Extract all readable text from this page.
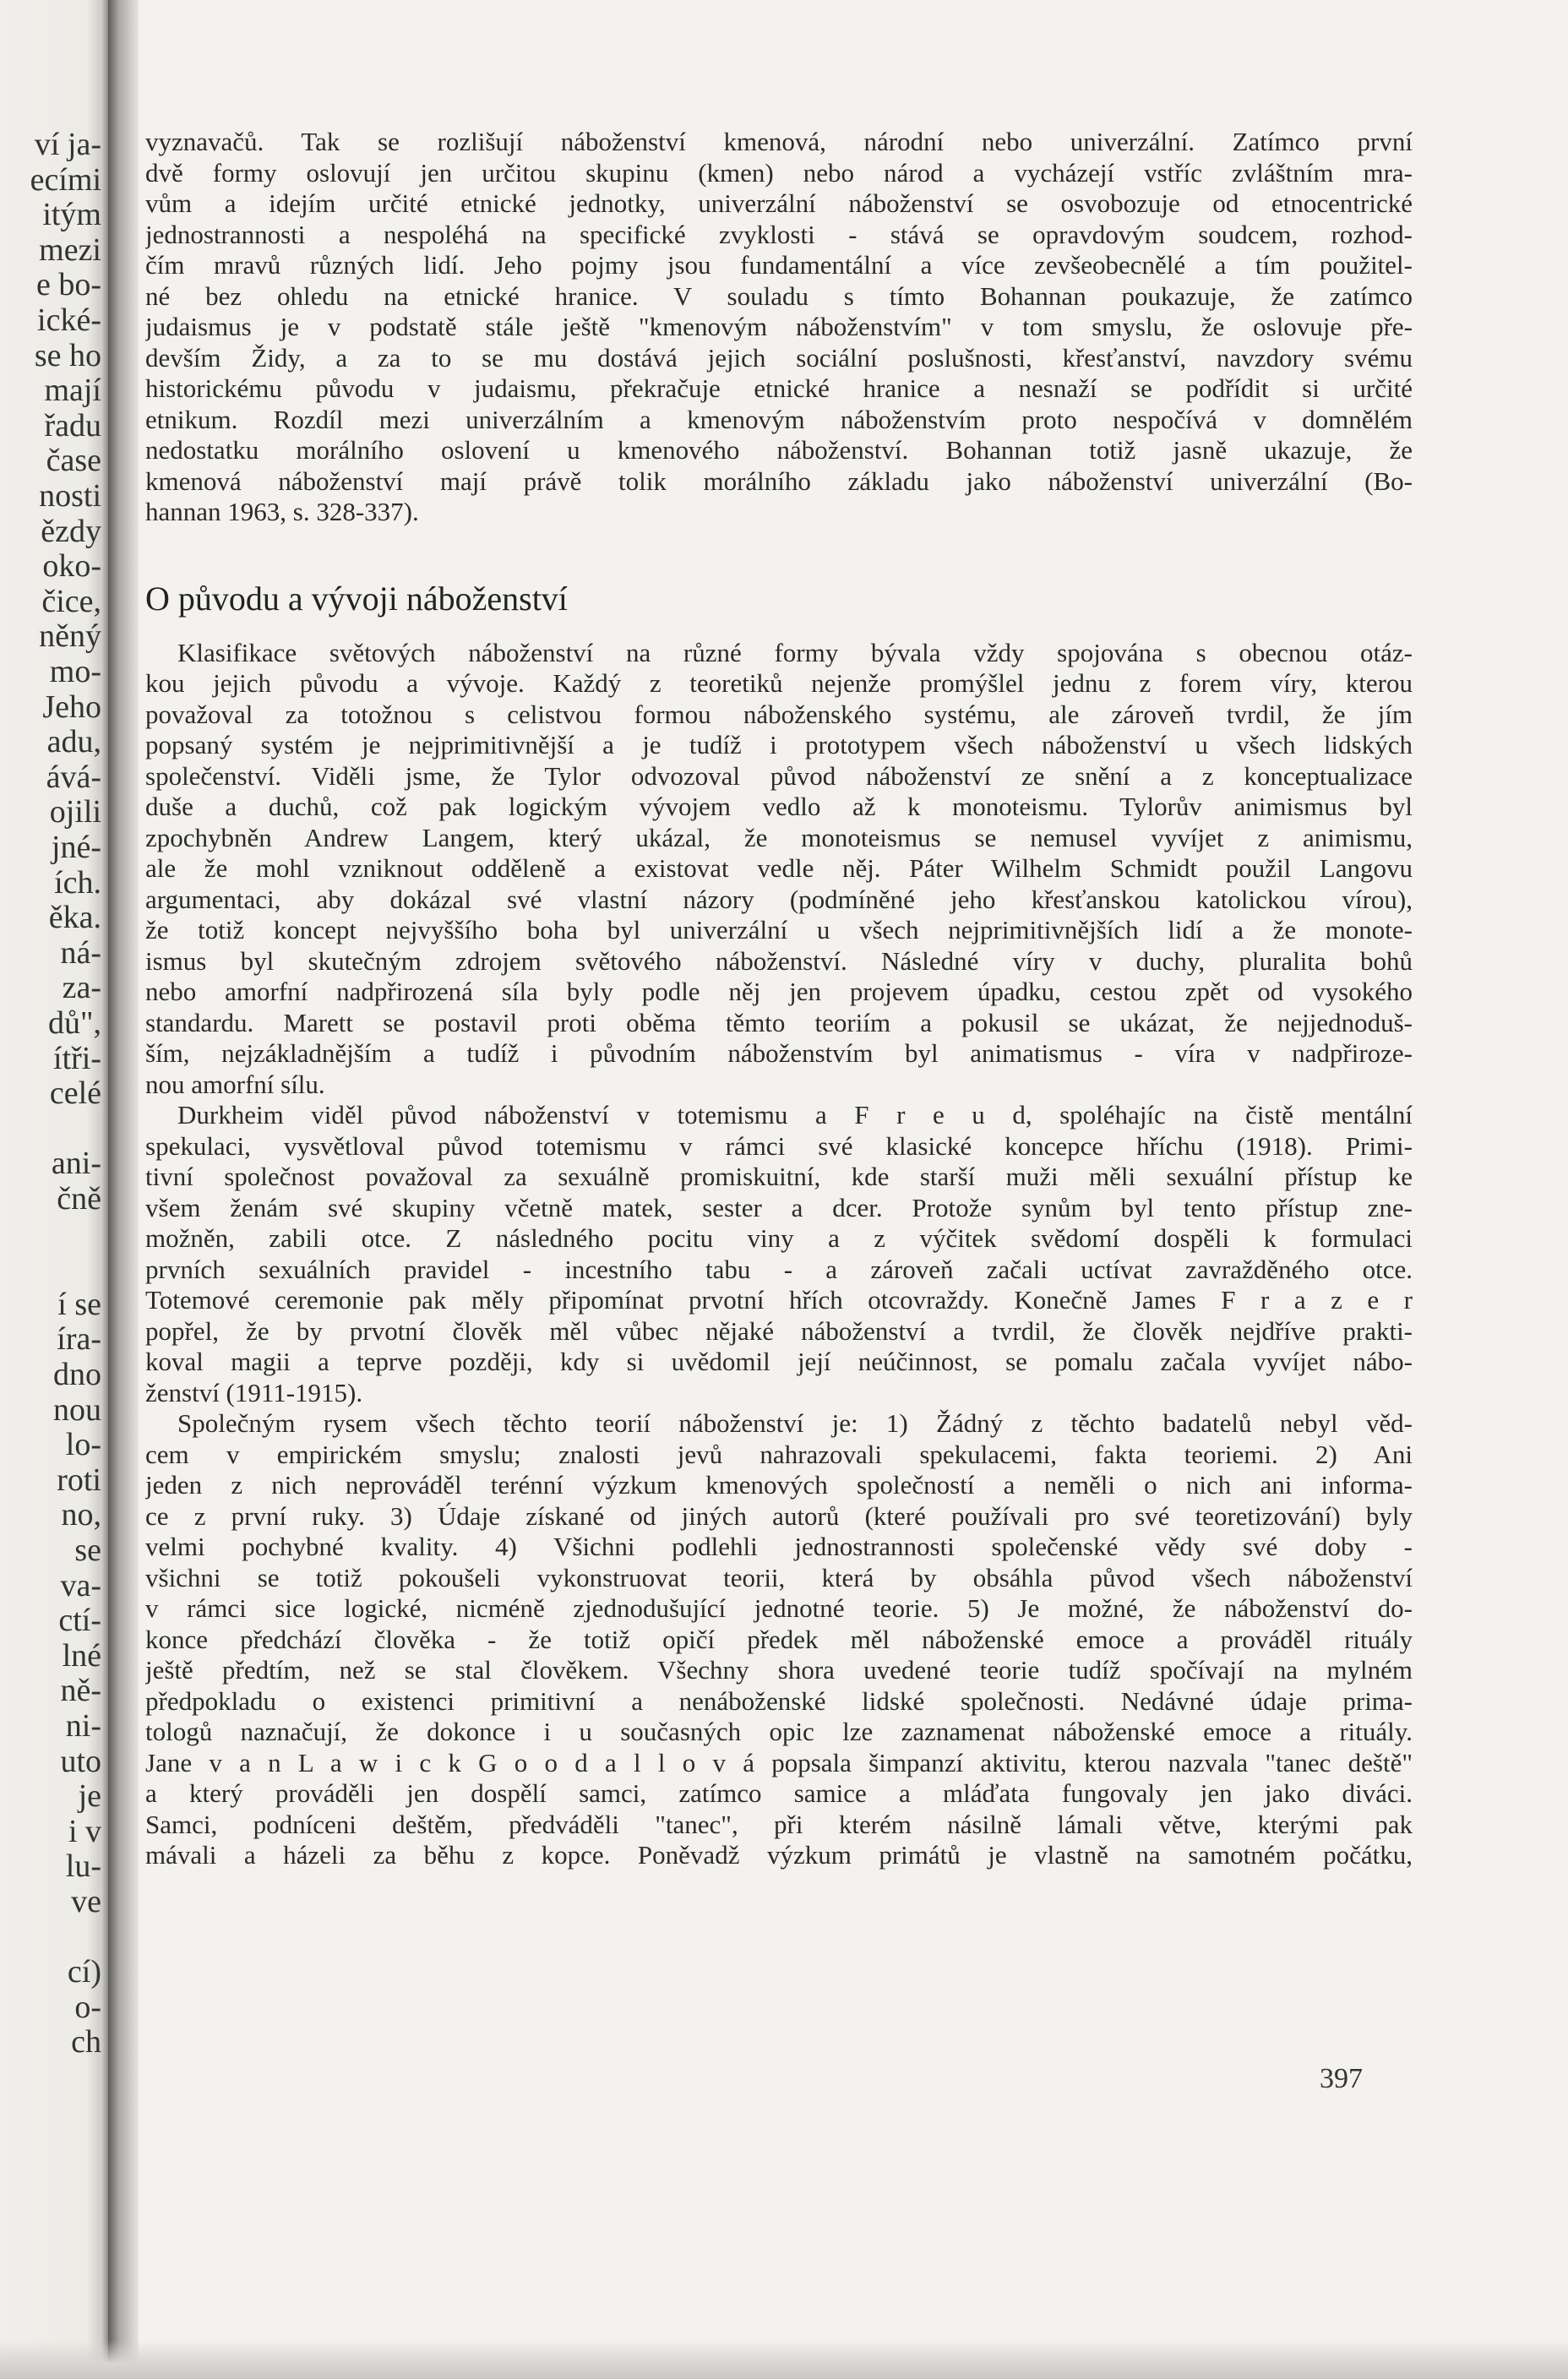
ví ja-
ecími
itým
mezi
e bo-
ické-
se ho
mají
řadu
čase
nosti
ězdy
oko-
čice,
něný
mo-
Jeho
adu,
ává-
ojili
jné-
ích.
ěka.
ná-
za-
dů",
ítři-
celé
ani-
čně
í se
íra-
dno
nou
lo-
roti
no,
se
va-
ctí-
lné
ně-
ni-
uto
je
i v
lu-
ve
cí)
o-
ch
vyznavačů. Tak se rozlišují náboženství kmenová, národní nebo univerzální. Zatímco první
dvě formy oslovují jen určitou skupinu (kmen) nebo národ a vycházejí vstříc zvláštním mra-
vům a idejím určité etnické jednotky, univerzální náboženství se osvobozuje od etnocentrické
jednostrannosti a nespoléhá na specifické zvyklosti - stává se opravdovým soudcem, rozhod-
čím mravů různých lidí. Jeho pojmy jsou fundamentální a více zevšeobecnělé a tím použitel-
né bez ohledu na etnické hranice. V souladu s tímto Bohannan poukazuje, že zatímco
judaismus je v podstatě stále ještě "kmenovým náboženstvím" v tom smyslu, že oslovuje pře-
devším Židy, a za to se mu dostává jejich sociální poslušnosti, křesťanství, navzdory svému
historickému původu v judaismu, překračuje etnické hranice a nesnaží se podřídit si určité
etnikum. Rozdíl mezi univerzálním a kmenovým náboženstvím proto nespočívá v domnělém
nedostatku morálního oslovení u kmenového náboženství. Bohannan totiž jasně ukazuje, že
kmenová náboženství mají právě tolik morálního základu jako náboženství univerzální (Bo-
hannan 1963, s. 328-337).
O původu a vývoji náboženství
Klasifikace světových náboženství na různé formy bývala vždy spojována s obecnou otáz-
kou jejich původu a vývoje. Každý z teoretiků nejenže promýšlel jednu z forem víry, kterou
považoval za totožnou s celistvou formou náboženského systému, ale zároveň tvrdil, že jím
popsaný systém je nejprimitivnější a je tudíž i prototypem všech náboženství u všech lidských
společenství. Viděli jsme, že Tylor odvozoval původ náboženství ze snění a z konceptualizace
duše a duchů, což pak logickým vývojem vedlo až k monoteismu. Tylorův animismus byl
zpochybněn Andrew Langem, který ukázal, že monoteismus se nemusel vyvíjet z animismu,
ale že mohl vzniknout odděleně a existovat vedle něj. Páter Wilhelm Schmidt použil Langovu
argumentaci, aby dokázal své vlastní názory (podmíněné jeho křesťanskou katolickou vírou),
že totiž koncept nejvyššího boha byl univerzální u všech nejprimitivnějších lidí a že monote-
ismus byl skutečným zdrojem světového náboženství. Následné víry v duchy, pluralita bohů
nebo amorfní nadpřirozená síla byly podle něj jen projevem úpadku, cestou zpět od vysokého
standardu. Marett se postavil proti oběma těmto teoriím a pokusil se ukázat, že nejjednoduš-
ším, nejzákladnějším a tudíž i původním náboženstvím byl animatismus - víra v nadpřiroze-
nou amorfní sílu.
Durkheim viděl původ náboženství v totemismu a F r e u d, spoléhajíc na čistě mentální
spekulaci, vysvětloval původ totemismu v rámci své klasické koncepce hříchu (1918). Primi-
tivní společnost považoval za sexuálně promiskuitní, kde starší muži měli sexuální přístup ke
všem ženám své skupiny včetně matek, sester a dcer. Protože synům byl tento přístup zne-
možněn, zabili otce. Z následného pocitu viny a z výčitek svědomí dospěli k formulaci
prvních sexuálních pravidel - incestního tabu - a zároveň začali uctívat zavražděného otce.
Totemové ceremonie pak měly připomínat prvotní hřích otcovraždy. Konečně James F r a z e r
popřel, že by prvotní člověk měl vůbec nějaké náboženství a tvrdil, že člověk nejdříve prakti-
koval magii a teprve později, kdy si uvědomil její neúčinnost, se pomalu začala vyvíjet nábo-
ženství (1911-1915).
Společným rysem všech těchto teorií náboženství je: 1) Žádný z těchto badatelů nebyl věd-
cem v empirickém smyslu; znalosti jevů nahrazovali spekulacemi, fakta teoriemi. 2) Ani
jeden z nich neprováděl terénní výzkum kmenových společností a neměli o nich ani informa-
ce z první ruky. 3) Údaje získané od jiných autorů (které používali pro své teoretizování) byly
velmi pochybné kvality. 4) Všichni podlehli jednostrannosti společenské vědy své doby -
všichni se totiž pokoušeli vykonstruovat teorii, která by obsáhla původ všech náboženství
v rámci sice logické, nicméně zjednodušující jednotné teorie. 5) Je možné, že náboženství do-
konce předchází člověka - že totiž opičí předek měl náboženské emoce a prováděl rituály
ještě předtím, než se stal člověkem. Všechny shora uvedené teorie tudíž spočívají na mylném
předpokladu o existenci primitivní a nenáboženské lidské společnosti. Nedávné údaje prima-
tologů naznačují, že dokonce i u současných opic lze zaznamenat náboženské emoce a rituály.
Jane v a n L a w i c k G o o d a l l o v á popsala šimpanzí aktivitu, kterou nazvala "tanec deště"
a který prováděli jen dospělí samci, zatímco samice a mláďata fungovaly jen jako diváci.
Samci, podníceni deštěm, předváděli "tanec", při kterém násilně lámali větve, kterými pak
mávali a házeli za běhu z kopce. Poněvadž výzkum primátů je vlastně na samotném počátku,
397
